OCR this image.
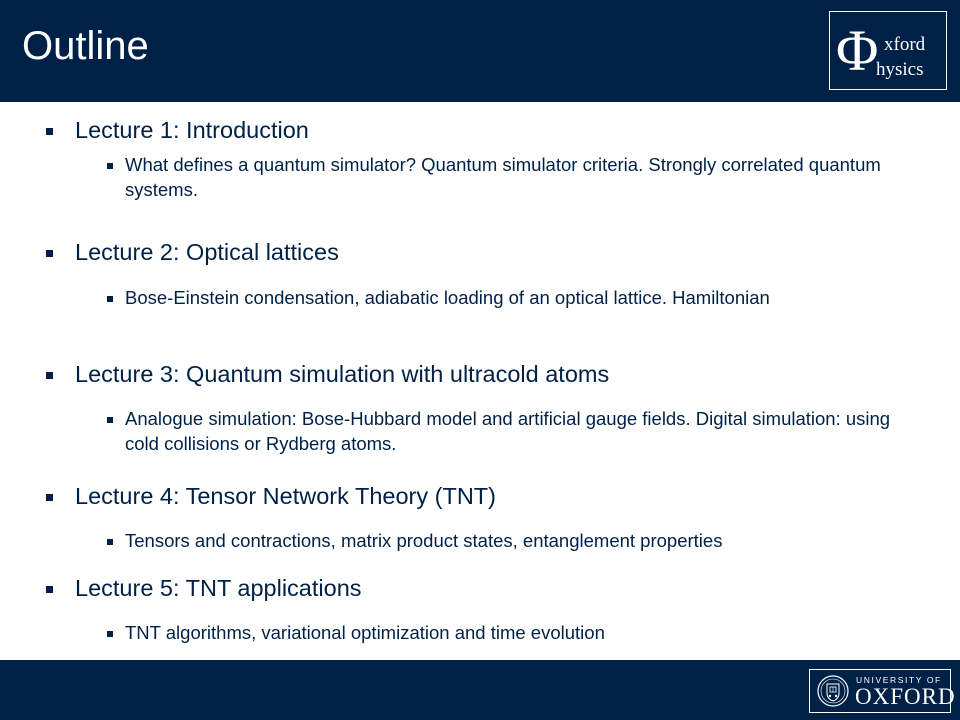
Outline	Φ xford
hysics
Lecture 1: Introduction
What defines a quantum simulator? Quantum simulator criteria. Strongly correlated quantum systems.
Lecture 2: Optical lattices
Bose-Einstein condensation, adiabatic loading of an optical lattice. Hamiltonian
Lecture 3: Quantum simulation with ultracold atoms
Analogue simulation: Bose-Hubbard model and artificial gauge fields. Digital simulation: using cold collisions or Rydberg atoms.
Lecture 4: Tensor Network Theory (TNT)
Tensors and contractions, matrix product states, entanglement properties
Lecture 5: TNT applications
TNT algorithms, variational optimization and time evolution
UNIVERSITY OF
OXFORD
